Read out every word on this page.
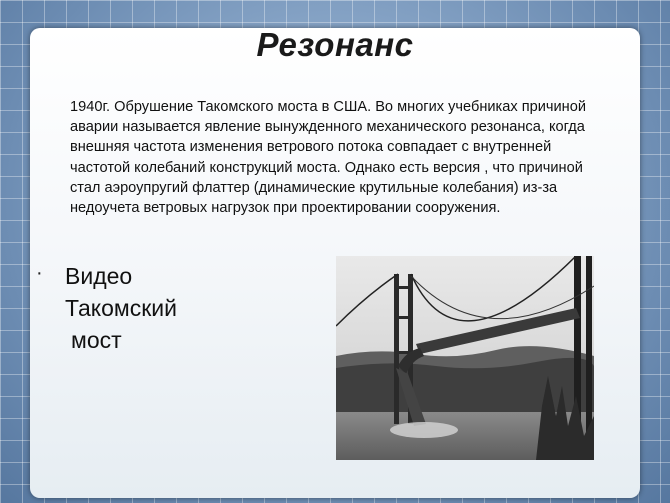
Резонанс
1940г. Обрушение Такомского моста в США. Во многих учебниках причиной аварии называется явление вынужденного механического резонанса, когда внешняя частота изменения ветрового потока совпадает с внутренней частотой колебаний конструкций моста. Однако есть версия , что причиной стал аэроупругий флаттер (динамические крутильные колебания) из-за недоучета ветровых нагрузок при проектировании сооружения.
· Видео
Такомский
мост
